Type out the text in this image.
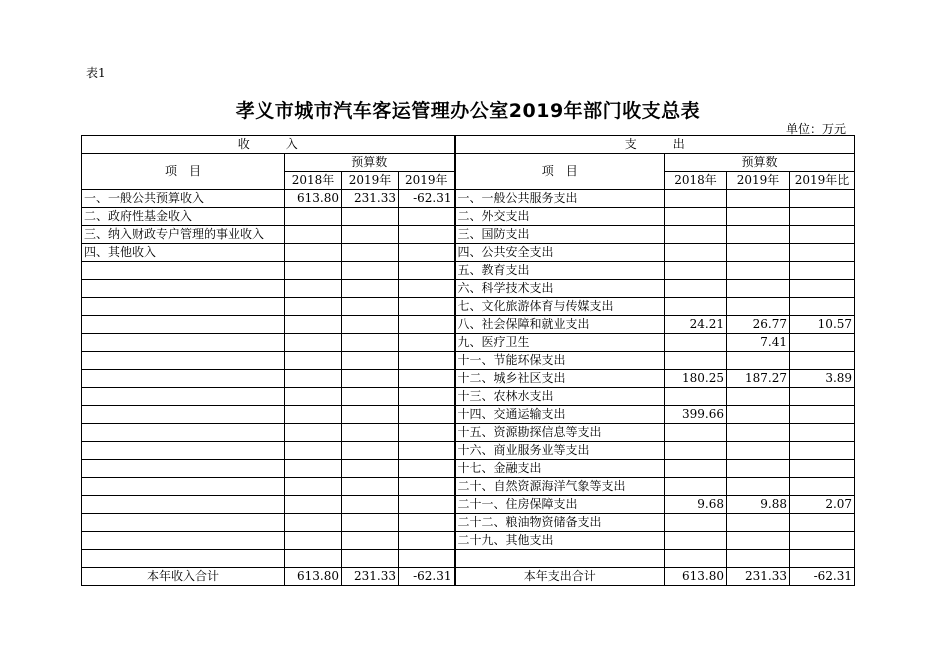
表1
孝义市城市汽车客运管理办公室2019年部门收支总表
单位：万元
收　　　入				支　　　出			
项　目	预算数			项　目	预算数		
	2018年	2019年	2019年		2018年	2019年	2019年比
一、一般公共预算收入	613.80	231.33	-62.31	一、一般公共服务支出			
二、政府性基金收入				二、外交支出			
三、纳入财政专户管理的事业收入				三、国防支出			
四、其他收入				四、公共安全支出			
				五、教育支出			
				六、科学技术支出			
				七、文化旅游体育与传媒支出			
				八、社会保障和就业支出	24.21	26.77	10.57
				九、医疗卫生		7.41	
				十一、节能环保支出			
				十二、城乡社区支出	180.25	187.27	3.89
				十三、农林水支出			
				十四、交通运输支出	399.66		
				十五、资源勘探信息等支出			
				十六、商业服务业等支出			
				十七、金融支出			
				二十、自然资源海洋气象等支出			
				二十一、住房保障支出	9.68	9.88	2.07
				二十二、粮油物资储备支出			
				二十九、其他支出			

本年收入合计	613.80	231.33	-62.31	本年支出合计	613.80	231.33	-62.31
